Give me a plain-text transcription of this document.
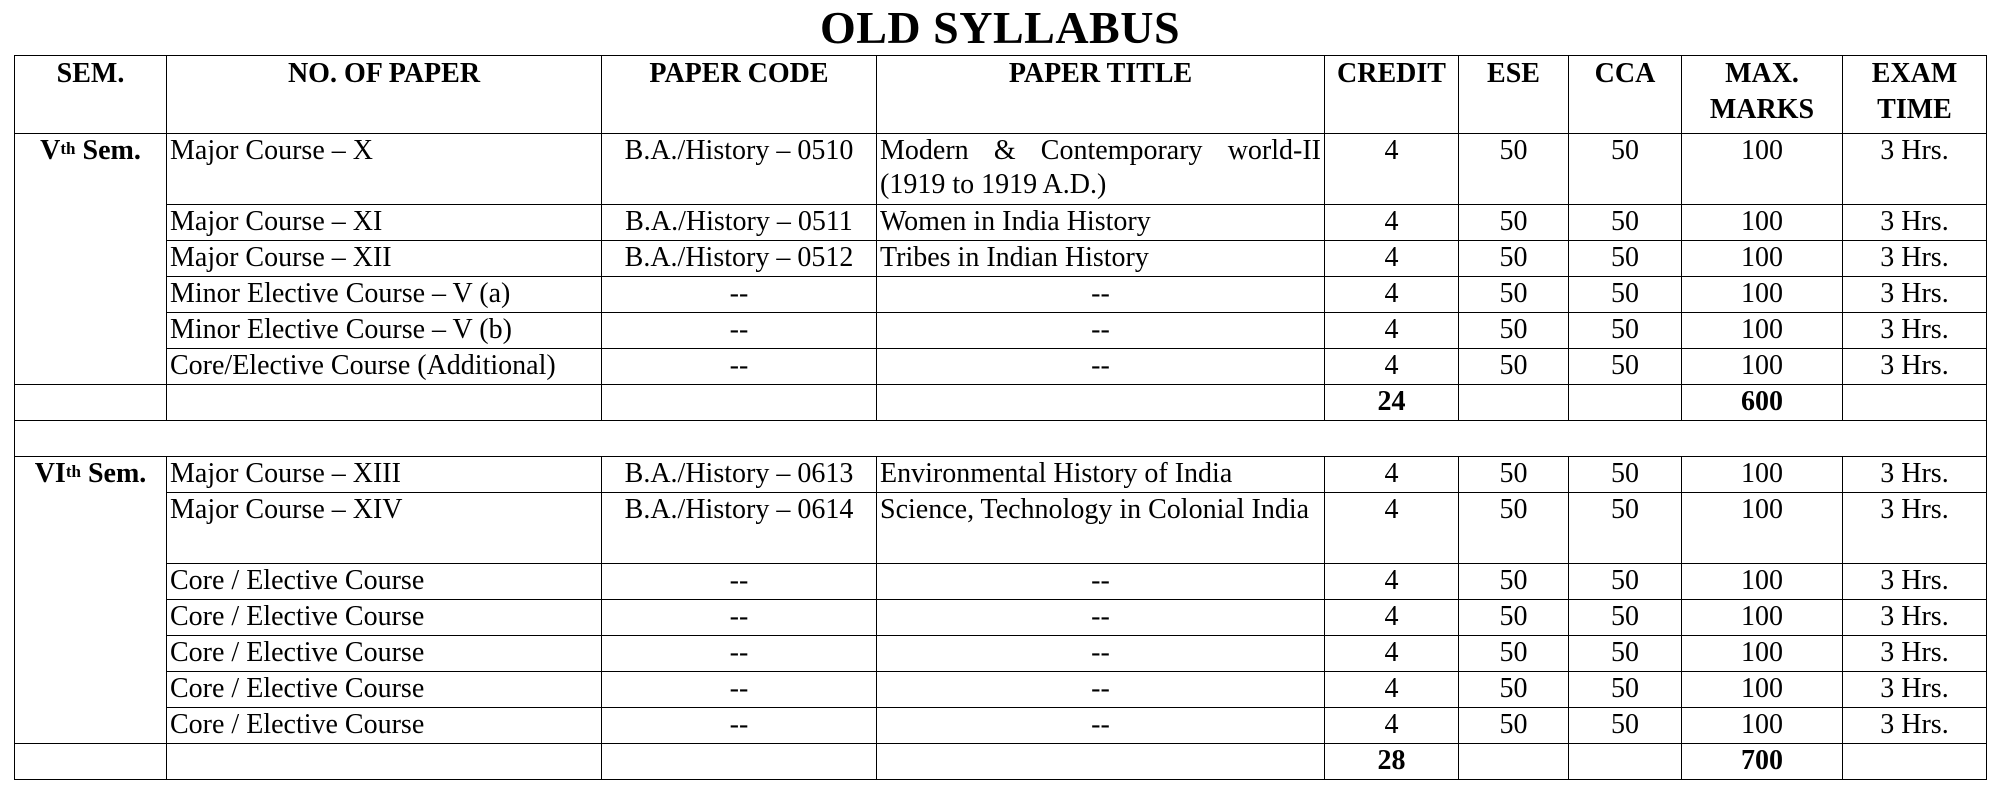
OLD SYLLABUS
SEM.	NO. OF PAPER	PAPER CODE	PAPER TITLE	CREDIT	ESE	CCA	MAX. MARKS	EXAM TIME
Vth Sem.	Major Course – X	B.A./History – 0510	Modern & Contemporary world-II (1919 to 1919 A.D.)	4	50	50	100	3 Hrs.
	Major Course – XI	B.A./History – 0511	Women in India History	4	50	50	100	3 Hrs.
	Major Course – XII	B.A./History – 0512	Tribes in Indian History	4	50	50	100	3 Hrs.
	Minor Elective Course – V (a)	--	--	4	50	50	100	3 Hrs.
	Minor Elective Course – V (b)	--	--	4	50	50	100	3 Hrs.
	Core/Elective Course (Additional)	--	--	4	50	50	100	3 Hrs.
				24			600	

VIth Sem.	Major Course – XIII	B.A./History – 0613	Environmental History of India	4	50	50	100	3 Hrs.
	Major Course – XIV	B.A./History – 0614	Science, Technology in Colonial India	4	50	50	100	3 Hrs.
	Core / Elective Course	--	--	4	50	50	100	3 Hrs.
	Core / Elective Course	--	--	4	50	50	100	3 Hrs.
	Core / Elective Course	--	--	4	50	50	100	3 Hrs.
	Core / Elective Course	--	--	4	50	50	100	3 Hrs.
	Core / Elective Course	--	--	4	50	50	100	3 Hrs.
				28			700	
